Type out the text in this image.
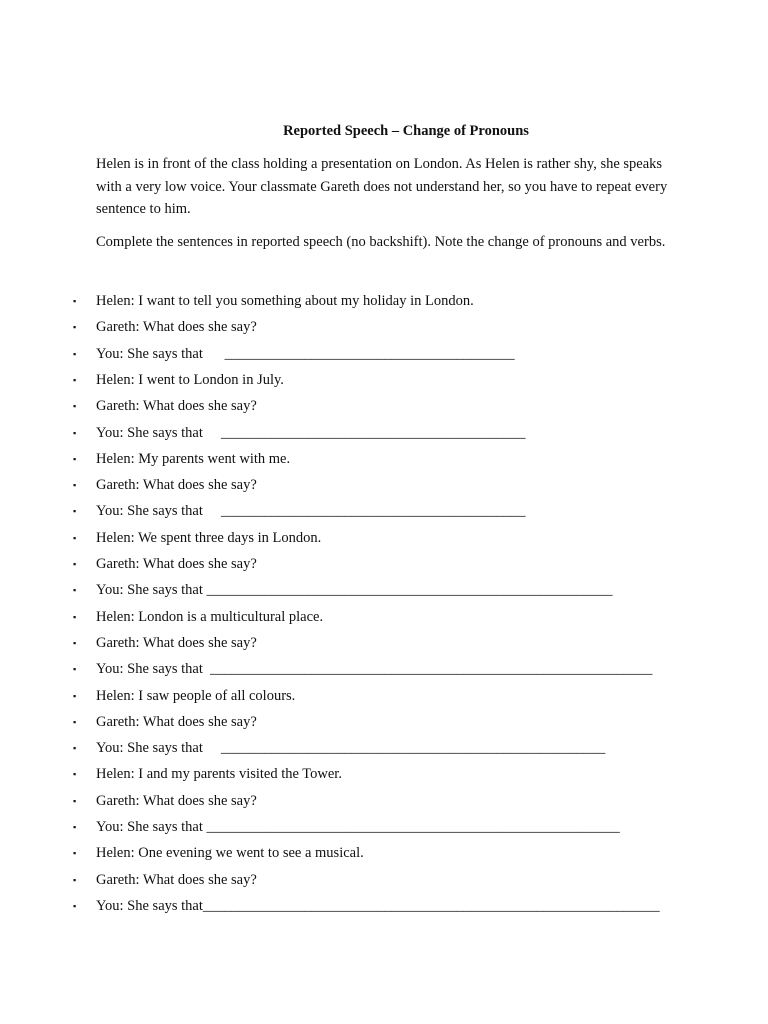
Reported Speech – Change of Pronouns
Helen is in front of the class holding a presentation on London. As Helen is rather shy, she speaks with a very low voice. Your classmate Gareth does not understand her, so you have to repeat every sentence to him.
Complete the sentences in reported speech (no backshift). Note the change of pronouns and verbs.
▪ Helen: I want to tell you something about my holiday in London.
▪ Gareth: What does she say?
▪ You: She says that      ________________________________________
▪ Helen: I went to London in July.
▪ Gareth: What does she say?
▪ You: She says that     __________________________________________
▪ Helen: My parents went with me.
▪ Gareth: What does she say?
▪ You: She says that     __________________________________________
▪ Helen: We spent three days in London.
▪ Gareth: What does she say?
▪ You: She says that ________________________________________________________
▪ Helen: London is a multicultural place.
▪ Gareth: What does she say?
▪ You: She says that  _____________________________________________________________
▪ Helen: I saw people of all colours.
▪ Gareth: What does she say?
▪ You: She says that     _____________________________________________________
▪ Helen: I and my parents visited the Tower.
▪ Gareth: What does she say?
▪ You: She says that _________________________________________________________
▪ Helen: One evening we went to see a musical.
▪ Gareth: What does she say?
▪ You: She says that_______________________________________________________________
